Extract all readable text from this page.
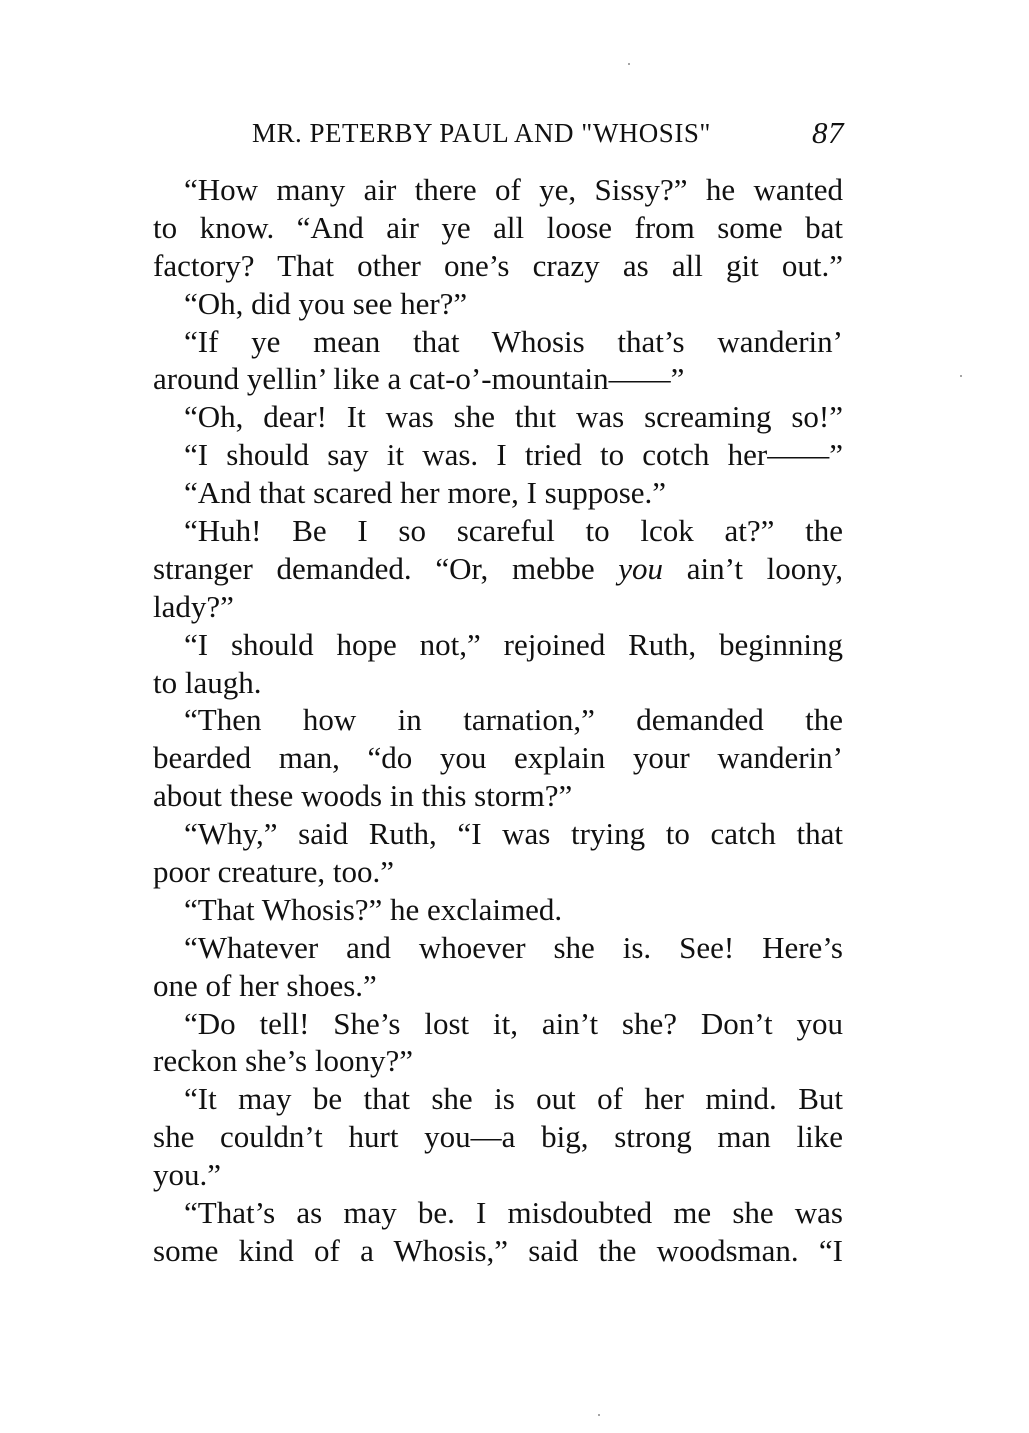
MR. PETERBY PAUL AND "WHOSIS"	87
“How many air there of ye, Sissy?” he wanted
to know. “And air ye all loose from some bat
factory? That other one’s crazy as all git out.”
“Oh, did you see her?”
“If ye mean that Whosis that’s wanderin’
around yellin’ like a cat-o’-mountain——”
“Oh, dear! It was she thıt was screaming so!”
“I should say it was. I tried to cotch her——”
“And that scared her more, I suppose.”
“Huh! Be I so scareful to lcok at?” the
stranger demanded. “Or, mebbe you ain’t loony,
lady?”
“I should hope not,” rejoined Ruth, beginning
to laugh.
“Then how in tarnation,” demanded the
bearded man, “do you explain your wanderin’
about these woods in this storm?”
“Why,” said Ruth, “I was trying to catch that
poor creature, too.”
“That Whosis?” he exclaimed.
“Whatever and whoever she is. See! Here’s
one of her shoes.”
“Do tell! She’s lost it, ain’t she? Don’t you
reckon she’s loony?”
“It may be that she is out of her mind. But
she couldn’t hurt you—a big, strong man like
you.”
“That’s as may be. I misdoubted me she was
some kind of a Whosis,” said the woodsman. “I
